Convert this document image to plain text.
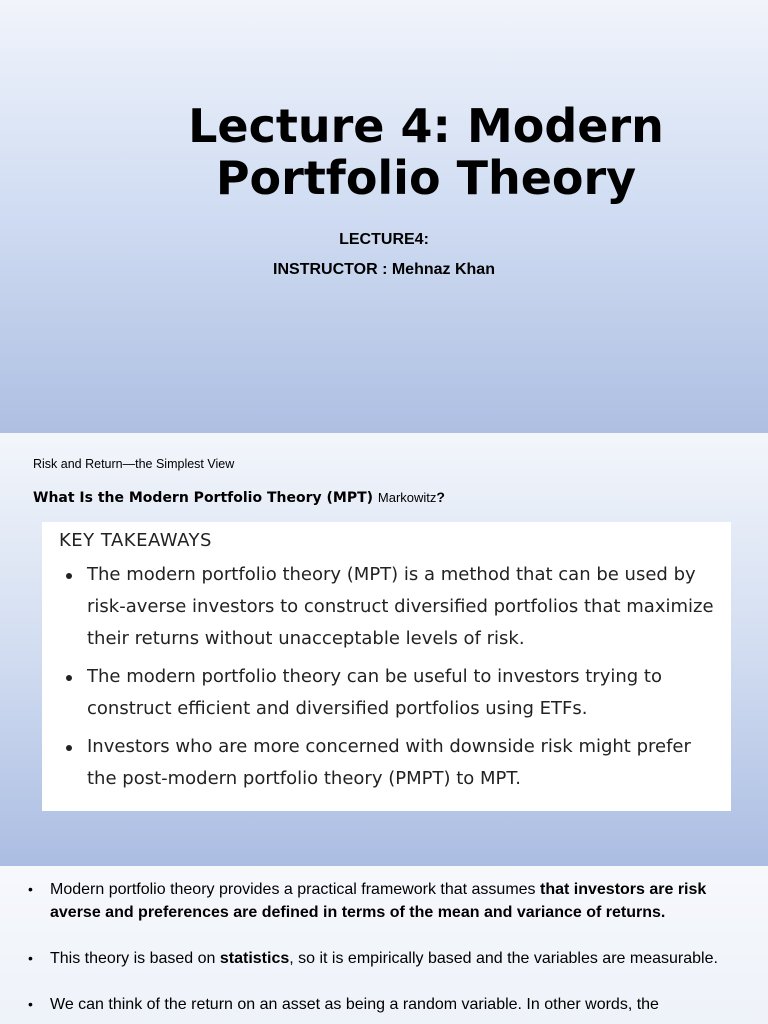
Lecture 4: Modern Portfolio Theory
LECTURE4:
INSTRUCTOR : Mehnaz Khan
Risk and Return—the Simplest View
What Is the Modern Portfolio Theory (MPT) Markowitz?
KEY TAKEAWAYS
The modern portfolio theory (MPT) is a method that can be used by risk-averse investors to construct diversified portfolios that maximize their returns without unacceptable levels of risk.
The modern portfolio theory can be useful to investors trying to construct efficient and diversified portfolios using ETFs.
Investors who are more concerned with downside risk might prefer the post-modern portfolio theory (PMPT) to MPT.
• Modern portfolio theory provides a practical framework that assumes that investors are risk averse and preferences are defined in terms of the mean and variance of returns.
• This theory is based on statistics, so it is empirically based and the variables are measurable.
• We can think of the return on an asset as being a random variable. In other words, the
